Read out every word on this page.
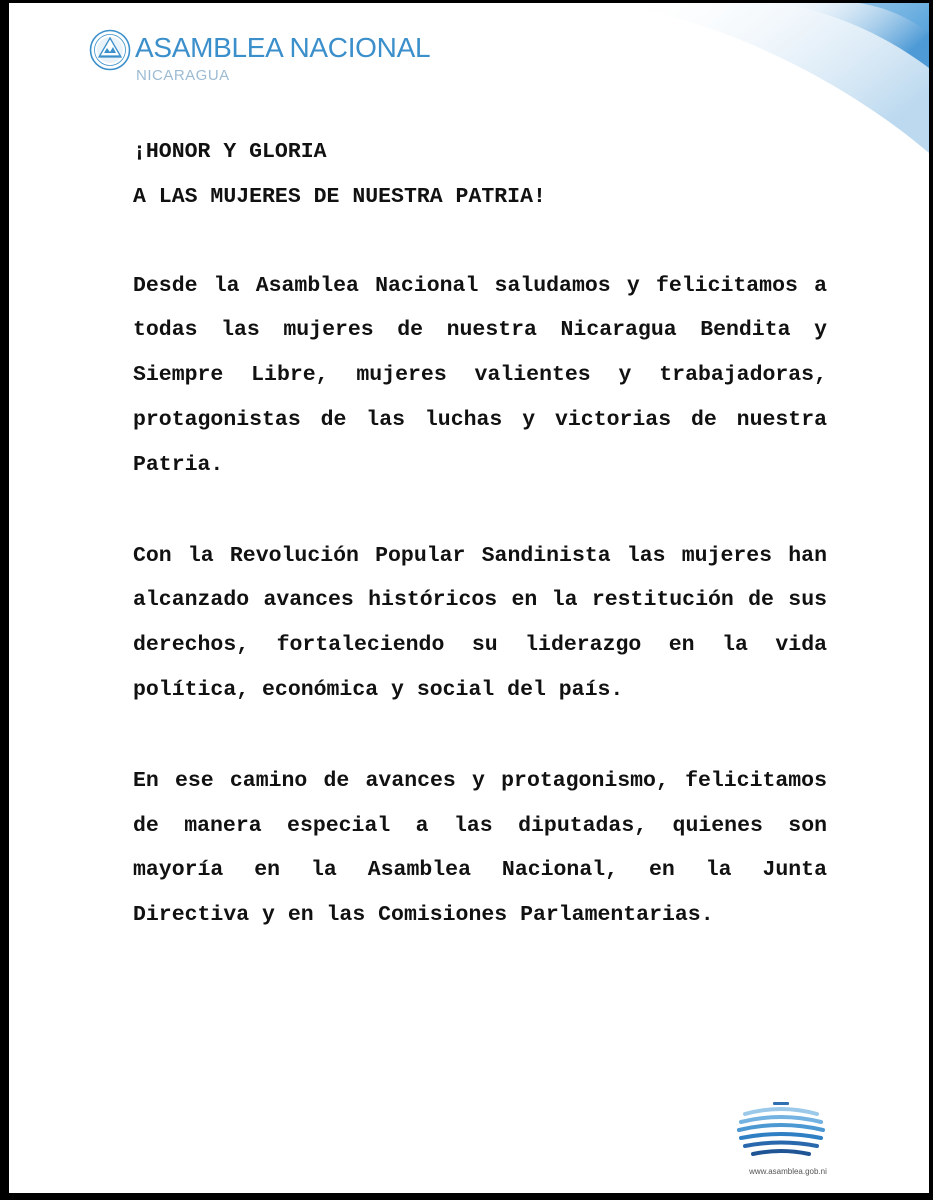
ASAMBLEA NACIONAL
NICARAGUA

¡HONOR Y GLORIA

A LAS MUJERES DE NUESTRA PATRIA!

Desde la Asamblea Nacional saludamos y felicitamos a todas las mujeres de nuestra Nicaragua Bendita y Siempre Libre, mujeres valientes y trabajadoras, protagonistas de las luchas y victorias de nuestra Patria.

Con la Revolución Popular Sandinista las mujeres han alcanzado avances históricos en la restitución de sus derechos, fortaleciendo su liderazgo en la vida política, económica y social del país.

En ese camino de avances y protagonismo, felicitamos de manera especial a las diputadas, quienes son mayoría en la Asamblea Nacional, en la Junta Directiva y en las Comisiones Parlamentarias.

www.asamblea.gob.ni
